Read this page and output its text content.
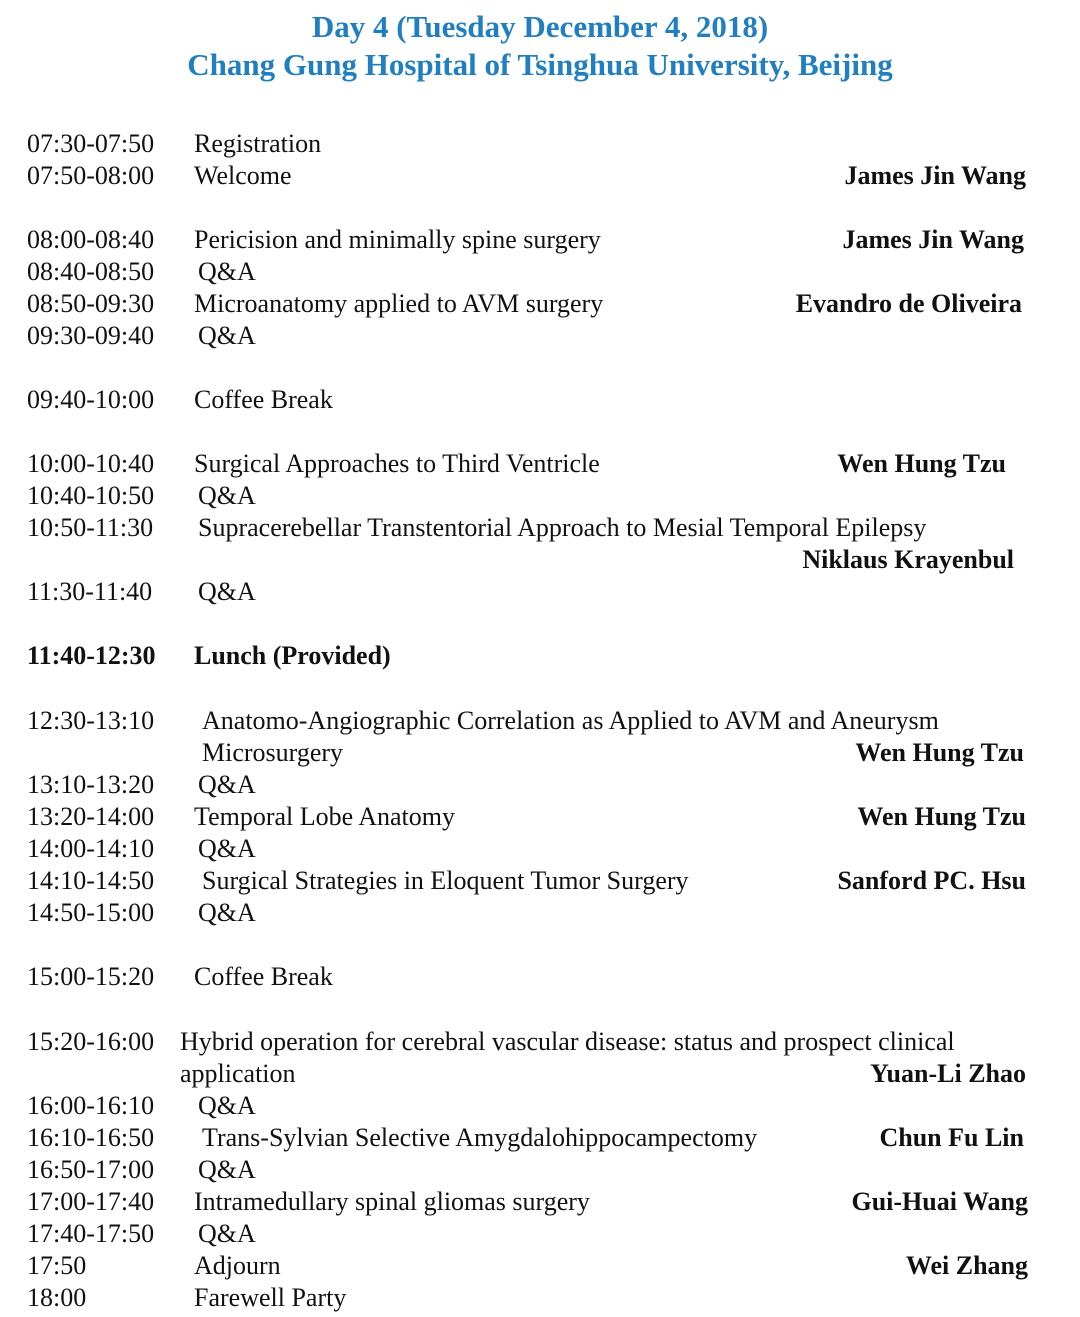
Day 4 (Tuesday December 4, 2018)
Chang Gung Hospital of Tsinghua University, Beijing
07:30-07:50 Registration
07:50-08:00 Welcome	James Jin Wang
08:00-08:40 Pericision and minimally spine surgery	James Jin Wang
08:40-08:50 Q&A
08:50-09:30 Microanatomy applied to AVM surgery	Evandro de Oliveira
09:30-09:40 Q&A
09:40-10:00 Coffee Break
10:00-10:40 Surgical Approaches to Third Ventricle	Wen Hung Tzu
10:40-10:50 Q&A
10:50-11:30 Supracerebellar Transtentorial Approach to Mesial Temporal Epilepsy
Niklaus Krayenbul
11:30-11:40 Q&A
11:40-12:30 Lunch (Provided)
12:30-13:10 Anatomo-Angiographic Correlation as Applied to AVM and Aneurysm
Microsurgery	Wen Hung Tzu
13:10-13:20 Q&A
13:20-14:00 Temporal Lobe Anatomy	Wen Hung Tzu
14:00-14:10 Q&A
14:10-14:50 Surgical Strategies in Eloquent Tumor Surgery	Sanford PC. Hsu
14:50-15:00 Q&A
15:00-15:20 Coffee Break
15:20-16:00 Hybrid operation for cerebral vascular disease: status and prospect clinical
application	Yuan-Li Zhao
16:00-16:10 Q&A
16:10-16:50 Trans-Sylvian Selective Amygdalohippocampectomy	Chun Fu Lin
16:50-17:00 Q&A
17:00-17:40 Intramedullary spinal gliomas surgery	Gui-Huai Wang
17:40-17:50 Q&A
17:50	Adjourn	Wei Zhang
18:00	Farewell Party
